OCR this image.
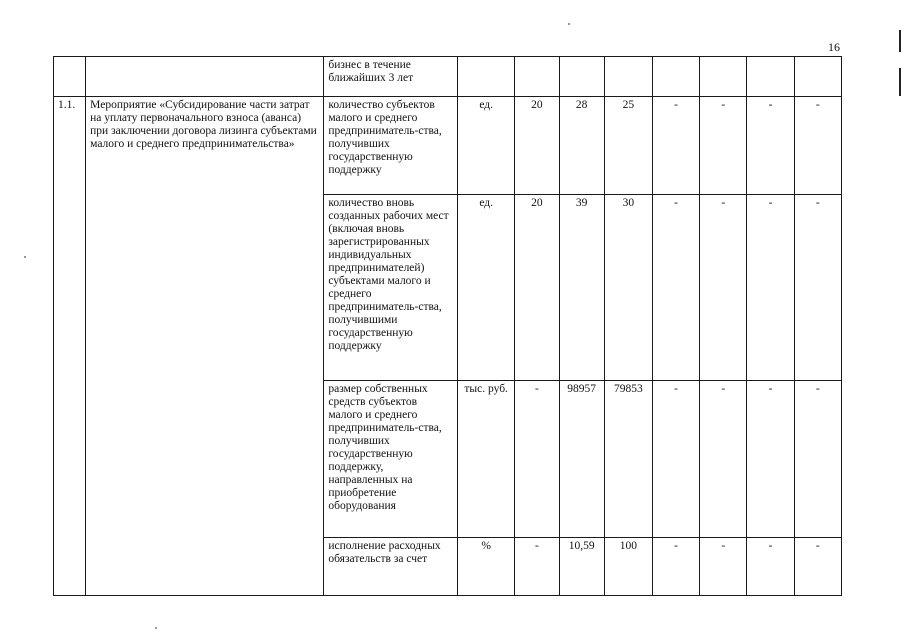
16
		бизнес в течение ближайших 3 лет								
1.1.	Мероприятие «Субсидирование части затрат на уплату первоначального взноса (аванса) при заключении договора лизинга субъектами малого и среднего предпринимательства»	количество субъектов малого и среднего предприниматель-ства, получивших государственную поддержку	ед.	20	28	25	-	-	-	-
		количество вновь созданных рабочих мест (включая вновь зарегистрированных индивидуальных предпринимателей) субъектами малого и среднего предприниматель-ства, получившими государственную поддержку	ед.	20	39	30	-	-	-	-
		размер собственных средств субъектов малого и среднего предприниматель-ства, получивших государственную поддержку, направленных на приобретение оборудования	тыс. руб.	-	98957	79853	-	-	-	-
		исполнение расходных обязательств за счет	%	-	10,59	100	-	-	-	-
